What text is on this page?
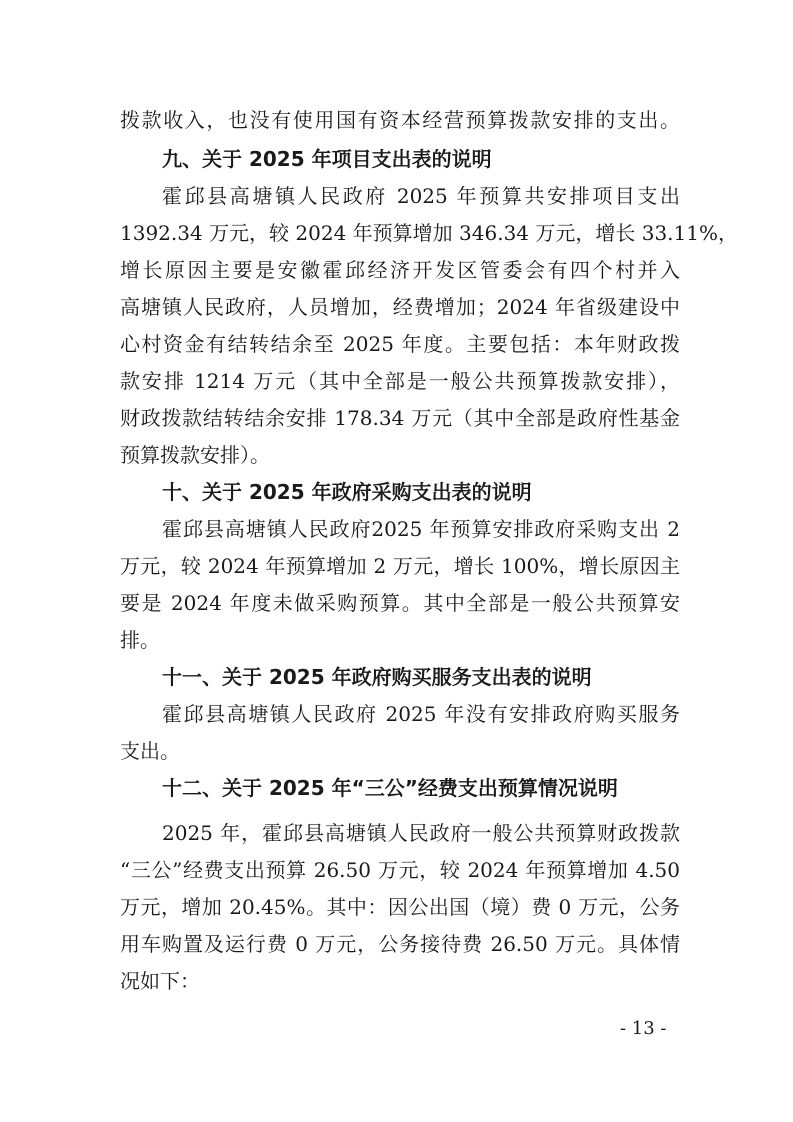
拨款收入，也没有使用国有资本经营预算拨款安排的支出。
九、关于 2025 年项目支出表的说明
霍邱县高塘镇人民政府 2025 年预算共安排项目支出
1392.34 万元，较 2024 年预算增加 346.34 万元，增长 33.11%，
增长原因主要是安徽霍邱经济开发区管委会有四个村并入
高塘镇人民政府，人员增加，经费增加；2024 年省级建设中
心村资金有结转结余至 2025 年度。主要包括：本年财政拨
款安排 1214 万元（其中全部是一般公共预算拨款安排），
财政拨款结转结余安排 178.34 万元（其中全部是政府性基金
预算拨款安排）。
十、关于 2025 年政府采购支出表的说明
霍邱县高塘镇人民政府2025 年预算安排政府采购支出 2
万元，较 2024 年预算增加 2 万元，增长 100%，增长原因主
要是 2024 年度未做采购预算。其中全部是一般公共预算安
排。
十一、关于 2025 年政府购买服务支出表的说明
霍邱县高塘镇人民政府 2025 年没有安排政府购买服务
支出。
十二、关于 2025 年“三公”经费支出预算情况说明
2025 年，霍邱县高塘镇人民政府一般公共预算财政拨款
“三公”经费支出预算 26.50 万元，较 2024 年预算增加 4.50
万元，增加 20.45%。其中：因公出国（境）费 0 万元，公务
用车购置及运行费 0 万元，公务接待费 26.50 万元。具体情
况如下：
- 13 -
